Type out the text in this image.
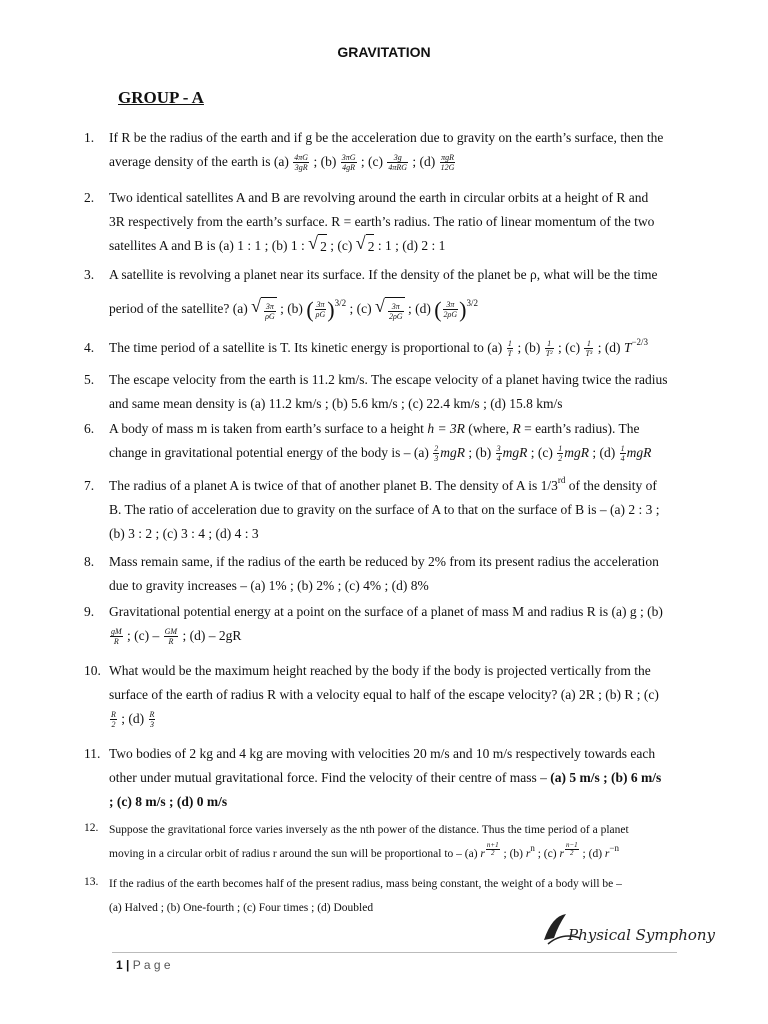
GRAVITATION
GROUP - A
1.	If R be the radius of the earth and if g be the acceleration due to gravity on the earth’s surface, then the
average density of the earth is $(a) \frac{4\pi G}{3gR}$ ; $(b) \frac{3\pi G}{4gR}$ ; $(c) \frac{3g}{\text{4πRG}}$ ; $(d) \frac{\text{πgR}}{12G}$
2.	Two identical satellites A and B are revolving around the earth in circular orbits at a height of R and
3R respectively from the earth’s surface. R = earth’s radius. The ratio of linear momentum of the two
satellites A and B is (a) 1 : 1 ; (b) 1 : √ 2 ; (c) √ 2 : 1 ; (d) 2 : 1
3.	A satellite is revolving a planet near its surface. If the density of the planet be ρ, what will be the time
period of the satellite? (a) √ $\frac{3\pi}{\rho G}$ ; (b) ( $\frac{3\pi}{\rho G} )^{3/2}$ ; (c) √ $\frac{3\pi}{2\rho G}$ ; (d) ( $\frac{3\pi}{2\rho G} )^{3/2}$
4.	The time period of a satellite is T. Its kinetic energy is proportional to $(a) \frac{1}{T}$ ; $(b) \frac{1}{\text{T²}}$ ; $(c) \frac{1}{\text{T³}}$ ; (d) $T^{-2/3}$
5.	The escape velocity from the earth is 11.2 km/s. The escape velocity of a planet having twice the radius
and same mean density is (a) 11.2 km/s ; (b) 5.6 km/s ; (c) 22.4 km/s ; (d) 15.8 km/s
6.	A body of mass m is taken from earth’s surface to a height h = 3R (where, R = earth’s radius). The
change in gravitational potential energy of the body is – $(a) \frac{2}{3}$ mgR ; $(b) \frac{3}{4}$ mgR ; $(c) \frac{1}{2}$ mgR ; $(d) \frac{1}{4}$ mgR
7.	The radius of a planet A is twice of that of another planet B. The density of A is 1/3rd of the density of
B. The ratio of acceleration due to gravity on the surface of A to that on the surface of B is – (a) 2 : 3 ;
(b) 3 : 2 ; (c) 3 : 4 ; (d) 4 : 3
8.	Mass remain same, if the radius of the earth be reduced by 2% from its present radius the acceleration
due to gravity increases – (a) 1% ; (b) 2% ; (c) 4% ; (d) 8%
9.	Gravitational potential energy at a point on the surface of a planet of mass M and radius R is (a) g ; (b)

$\frac{gM}{R}$ ; $(c) - \frac{GM}{R}$ ; (d) – 2gR
10. What would be the maximum height reached by the body if the body is projected vertically from the
surface of the earth of radius R with a velocity equal to half of the escape velocity? (a) 2R ; (b) R ; (c)

$\frac{R}{2}$ ; $(d) \frac{R}{3}$
11. Two bodies of 2 kg and 4 kg are moving with velocities 20 m/s and 10 m/s respectively towards each
other under mutual gravitational force. Find the velocity of their centre of mass – (a) 5 m/s ; (b) 6 m/s
; (c) 8 m/s ; (d) 0 m/s
12. Suppose the gravitational force varies inversely as the nth power of the distance. Thus the time period of a planet
moving in a circular orbit of radius r around the sun will be proportional to – (a) r $\frac{n+1}{2}$ ; (b) $r^n$ ; (c) r $\frac{n-1}{2}$ ; (d) $r^{-n}$
13. If the radius of the earth becomes half of the present radius, mass being constant, the weight of a body will be –
(a) Halved ; (b) One-fourth ; (c) Four times ; (d) Doubled
Physical Symphony
1 | P a g e
